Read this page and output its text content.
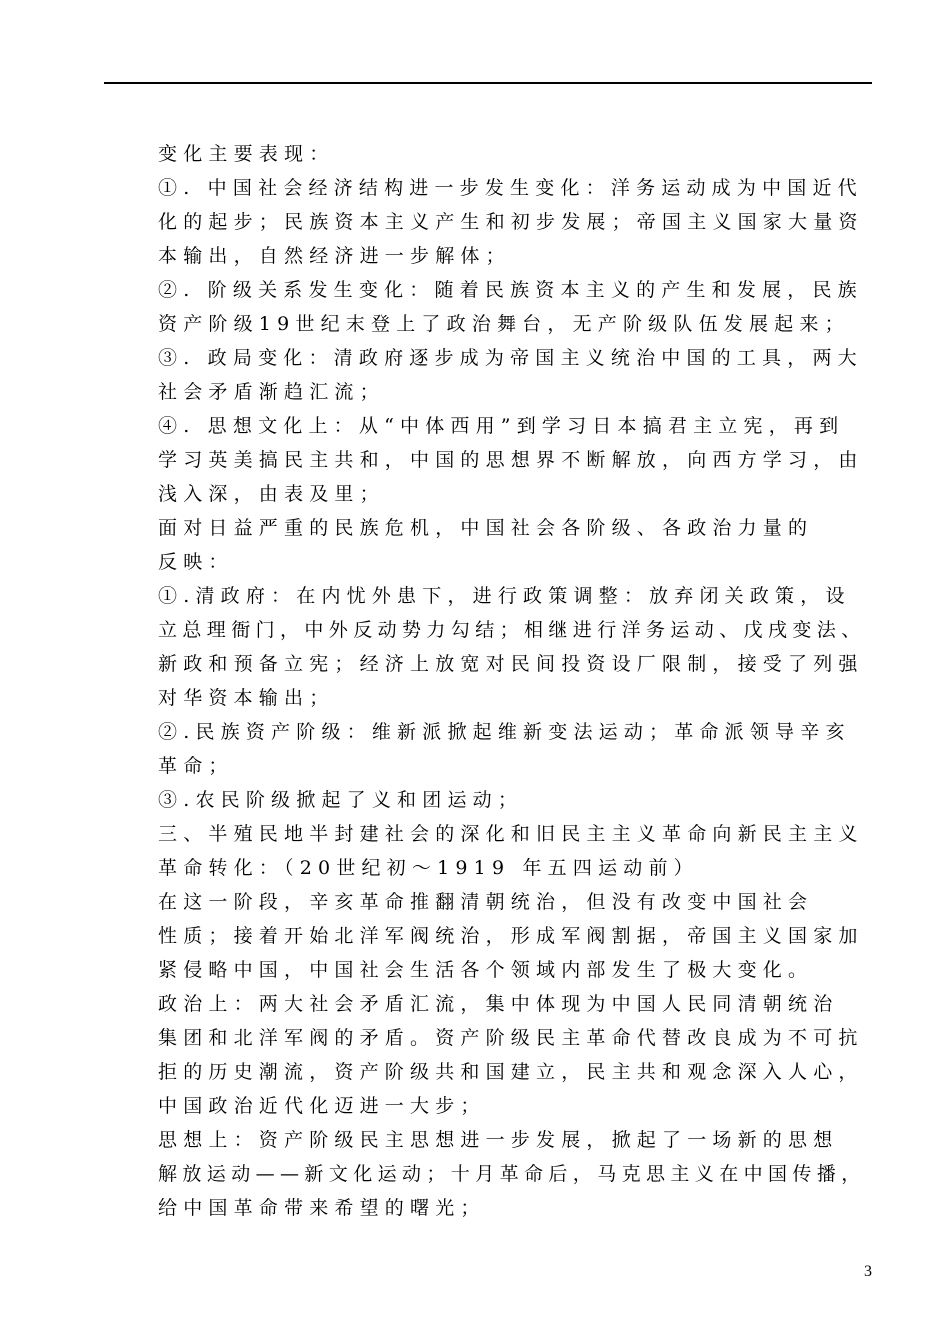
变化主要表现：
①. 中国社会经济结构进一步发生变化：洋务运动成为中国近代
化的起步；民族资本主义产生和初步发展；帝国主义国家大量资
本输出，自然经济进一步解体；
②. 阶级关系发生变化：随着民族资本主义的产生和发展，民族
资产阶级19世纪末登上了政治舞台，无产阶级队伍发展起来；
③. 政局变化：清政府逐步成为帝国主义统治中国的工具，两大
社会矛盾渐趋汇流；
④. 思想文化上：从“中体西用”到学习日本搞君主立宪，再到
学习英美搞民主共和，中国的思想界不断解放，向西方学习，由
浅入深，由表及里；
面对日益严重的民族危机，中国社会各阶级、各政治力量的
反映：
①.清政府：在内忧外患下，进行政策调整：放弃闭关政策，设
立总理衙门，中外反动势力勾结；相继进行洋务运动、戊戌变法、
新政和预备立宪；经济上放宽对民间投资设厂限制，接受了列强
对华资本输出；
②.民族资产阶级：维新派掀起维新变法运动；革命派领导辛亥
革命；
③.农民阶级掀起了义和团运动；
三、半殖民地半封建社会的深化和旧民主主义革命向新民主主义
革命转化：（20世纪初～1919 年五四运动前）
在这一阶段，辛亥革命推翻清朝统治，但没有改变中国社会
性质；接着开始北洋军阀统治，形成军阀割据，帝国主义国家加
紧侵略中国，中国社会生活各个领域内部发生了极大变化。
政治上：两大社会矛盾汇流，集中体现为中国人民同清朝统治
集团和北洋军阀的矛盾。资产阶级民主革命代替改良成为不可抗
拒的历史潮流，资产阶级共和国建立，民主共和观念深入人心，
中国政治近代化迈进一大步；
思想上：资产阶级民主思想进一步发展，掀起了一场新的思想
解放运动——新文化运动；十月革命后，马克思主义在中国传播，
给中国革命带来希望的曙光；
3
